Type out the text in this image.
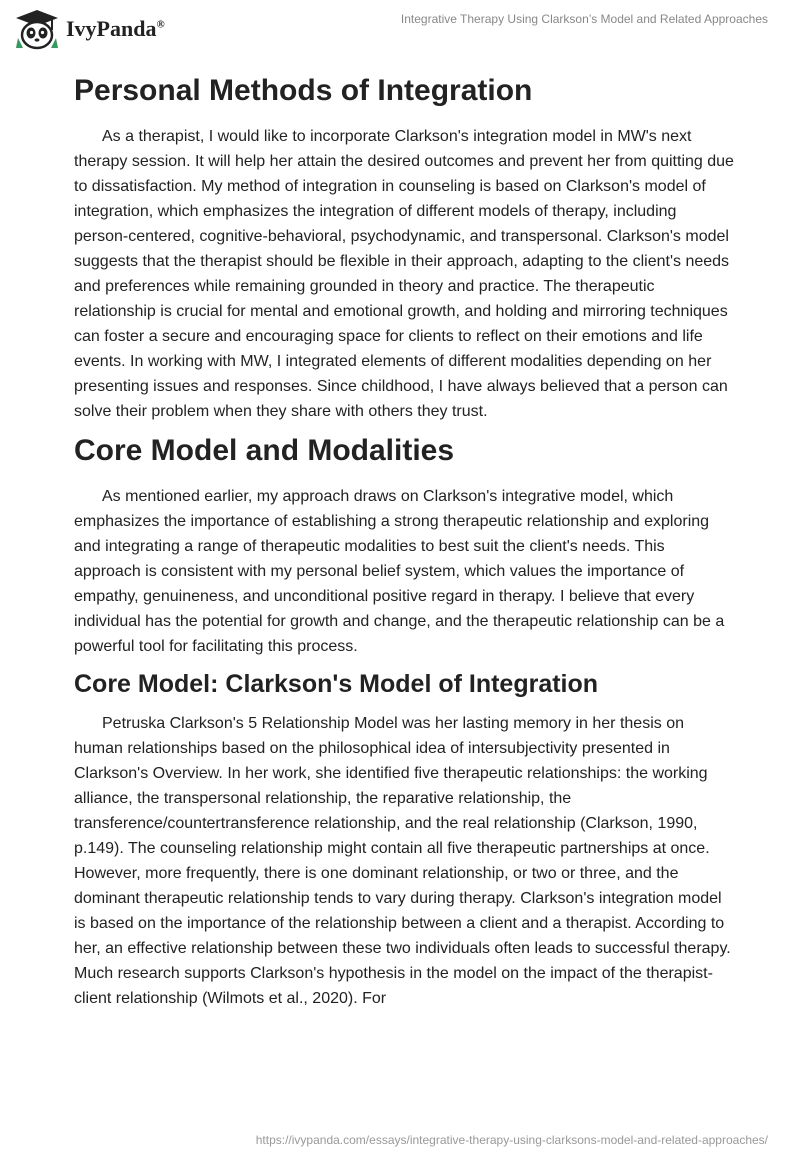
IvyPanda®	Integrative Therapy Using Clarkson’s Model and Related Approaches
Personal Methods of Integration

As a therapist, I would like to incorporate Clarkson's integration model in MW's next therapy session. It will help her attain the desired outcomes and prevent her from quitting due to dissatisfaction. My method of integration in counseling is based on Clarkson's model of integration, which emphasizes the integration of different models of therapy, including person-centered, cognitive-behavioral, psychodynamic, and transpersonal. Clarkson's model suggests that the therapist should be flexible in their approach, adapting to the client's needs and preferences while remaining grounded in theory and practice. The therapeutic relationship is crucial for mental and emotional growth, and holding and mirroring techniques can foster a secure and encouraging space for clients to reflect on their emotions and life events. In working with MW, I integrated elements of different modalities depending on her presenting issues and responses. Since childhood, I have always believed that a person can solve their problem when they share with others they trust.

Core Model and Modalities

As mentioned earlier, my approach draws on Clarkson's integrative model, which emphasizes the importance of establishing a strong therapeutic relationship and exploring and integrating a range of therapeutic modalities to best suit the client's needs. This approach is consistent with my personal belief system, which values the importance of empathy, genuineness, and unconditional positive regard in therapy. I believe that every individual has the potential for growth and change, and the therapeutic relationship can be a powerful tool for facilitating this process.

Core Model: Clarkson's Model of Integration

Petruska Clarkson's 5 Relationship Model was her lasting memory in her thesis on human relationships based on the philosophical idea of intersubjectivity presented in Clarkson's Overview. In her work, she identified five therapeutic relationships: the working alliance, the transpersonal relationship, the reparative relationship, the transference/countertransference relationship, and the real relationship (Clarkson, 1990, p.149). The counseling relationship might contain all five therapeutic partnerships at once. However, more frequently, there is one dominant relationship, or two or three, and the dominant therapeutic relationship tends to vary during therapy. Clarkson's integration model is based on the importance of the relationship between a client and a therapist. According to her, an effective relationship between these two individuals often leads to successful therapy. Much research supports Clarkson's hypothesis in the model on the impact of the therapist-client relationship (Wilmots et al., 2020). For

https://ivypanda.com/essays/integrative-therapy-using-clarksons-model-and-related-approaches/
